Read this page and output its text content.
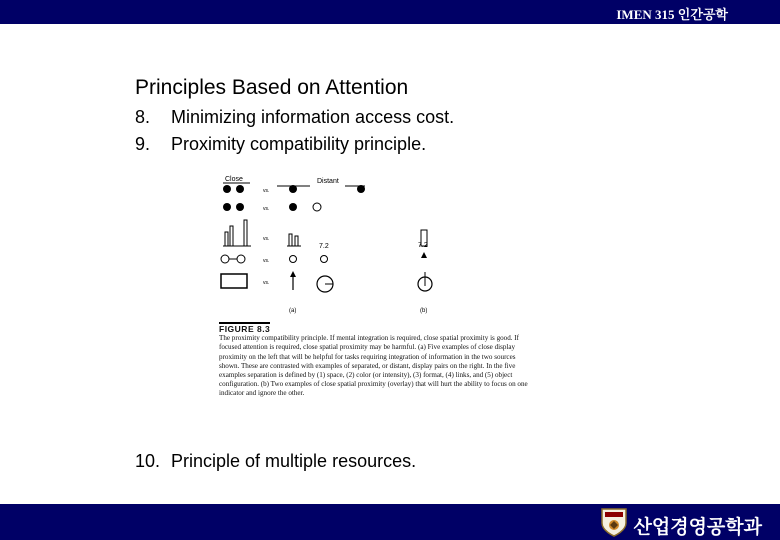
IMEN 315 인간공학
Principles Based on Attention
8. Minimizing information access cost.
9. Proximity compatibility principle.
10. Principle of multiple resources.
Close	Distant
vs.
vs.
vs.
7.2	7.2
vs.
vs.
(a)	(b)
FIGURE 8.3
The proximity compatibility principle. If mental integration is required, close spatial proximity is good. If focused attention is required, close spatial proximity may be harmful. (a) Five examples of close display proximity on the left that will be helpful for tasks requiring integration of information in the two sources shown. These are contrasted with examples of separated, or distant, display pairs on the right. In the five examples separation is defined by (1) space, (2) color (or intensity), (3) format, (4) links, and (5) object configuration. (b) Two examples of close spatial proximity (overlay) that will hurt the ability to focus on one indicator and ignore the other.
산업경영공학과
